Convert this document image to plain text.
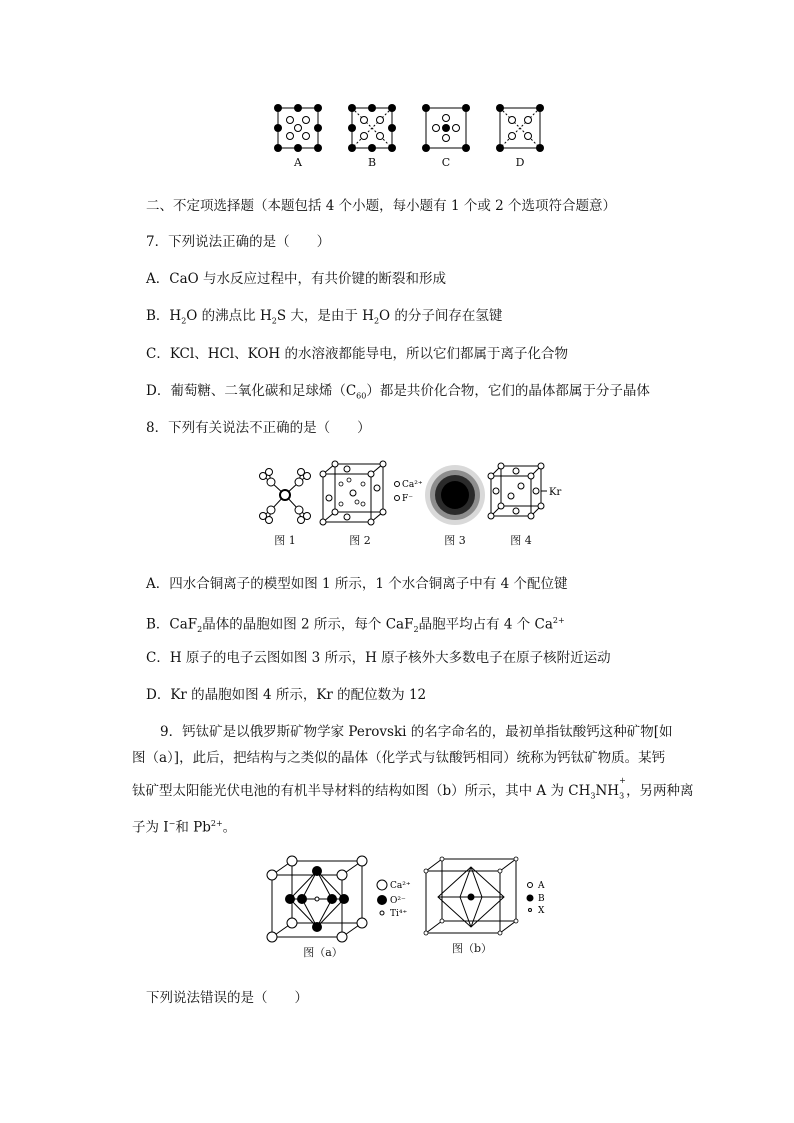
A	B	C	D
二、不定项选择题（本题包括 4 个小题，每小题有 1 个或 2 个选项符合题意）
7．下列说法正确的是（　　）
A．CaO 与水反应过程中，有共价键的断裂和形成
B．$H_2O$ 的沸点比 $H_2S$ 大，是由于 $H_2O$ 的分子间存在氢键
C．KCl、HCl、KOH 的水溶液都能导电，所以它们都属于离子化合物
D．葡萄糖、二氧化碳和足球烯$(C_{60})$都是共价化合物，它们的晶体都属于分子晶体
8．下列有关说法不正确的是（　　）
Ca²⁺
F⁻
Kr
图 1	图 2	图 3	图 4
A．四水合铜离子的模型如图 1 所示，1 个水合铜离子中有 4 个配位键
B．CaF$_2$晶体的晶胞如图 2 所示，每个 CaF$_2$晶胞平均占有 4 个 $Ca^{2+}$
C．H 原子的电子云图如图 3 所示，H 原子核外大多数电子在原子核附近运动
D．Kr 的晶胞如图 4 所示，Kr 的配位数为 12
9．钙钛矿是以俄罗斯矿物学家 Perovski 的名字命名的，最初单指钛酸钙这种矿物[如
图（a）]，此后，把结构与之类似的晶体（化学式与钛酸钙相同）统称为钙钛矿物质。某钙
钛矿型太阳能光伏电池的有机半导材料的结构如图（b）所示，其中 A 为 $CH_3NH$
+
$_3$ ，另两种离
子为 I−和 $Pb^{2+}$。
Ca²⁺
O²⁻
Ti⁴⁺
A
B
X
图（a）	图（b）
下列说法错误的是（　　）
